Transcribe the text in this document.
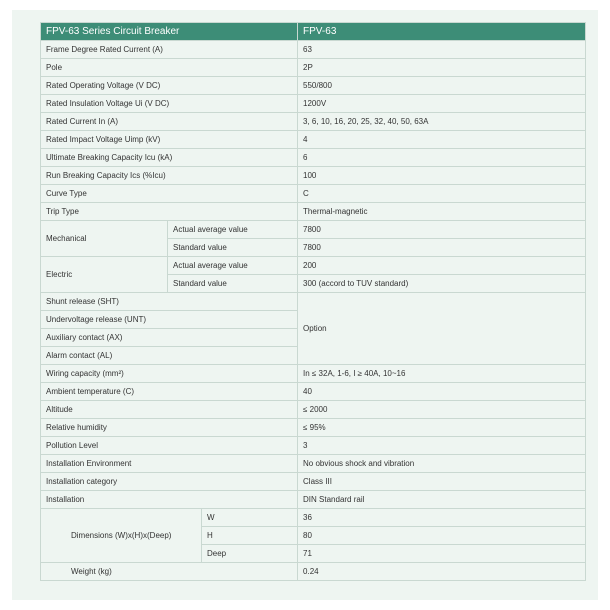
FPV-63 Series Circuit Breaker			FPV-63
Frame Degree Rated Current (A)			63
Pole			2P
Rated Operating Voltage (V DC)			550/800
Rated Insulation Voltage Ui (V DC)			1200V
Rated Current In (A)			3, 6, 10, 16, 20, 25, 32, 40, 50, 63A
Rated Impact Voltage Uimp (kV)			4
Ultimate Breaking Capacity Icu (kA)			6
Run Breaking Capacity Ics (%Icu)			100
Curve Type			C
Trip Type			Thermal-magnetic
Mechanical	Actual average value		7800
	Standard value		7800
Electric	Actual average value		200
	Standard value		300 (accord to TUV standard)
Shunt release (SHT)			Option
Undervoltage release (UNT)			
Auxiliary contact (AX)			
Alarm contact (AL)			
Wiring capacity (mm²)			In ≤ 32A, 1-6, I ≥ 40A, 10~16
Ambient temperature (C)			40
Altitude			≤ 2000
Relative humidity			≤ 95%
Pollution Level			3
Installation Environment			No obvious shock and vibration
Installation category			Class III
Installation			DIN Standard rail
Dimensions (W)x(H)x(Deep)		W	36
		H	80
		Deep	71
Weight (kg)			0.24
